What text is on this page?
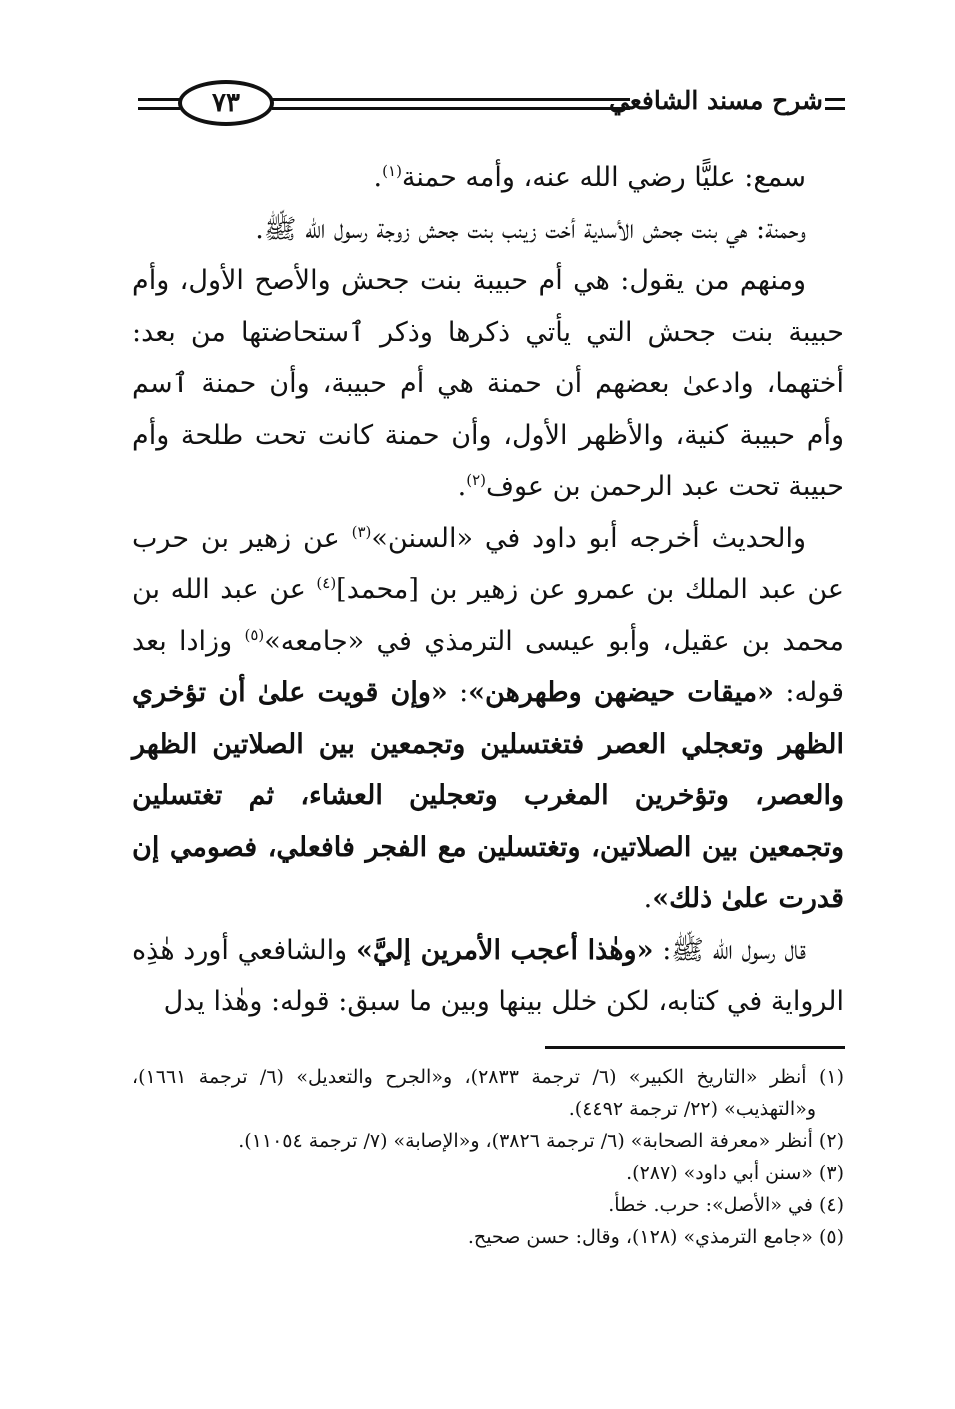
شرح مسند الشافعي
٧٣

سمع: عليًّا رضي الله عنه، وأمه حمنة$^{(١)}$.

وحمنة: هي بنت جحش الأسدية أخت زينب بنت جحش زوجة رسول الله ﷺ.

ومنهم من يقول: هي أم حبيبة بنت جحش والأصح الأول، وأم حبيبة بنت جحش التي يأتي ذكرها وذكر ٱستحاضتها من بعد: أختهما، وادعىٰ بعضهم أن حمنة هي أم حبيبة، وأن حمنة ٱسم وأم حبيبة كنية، والأظهر الأول، وأن حمنة كانت تحت طلحة وأم حبيبة تحت عبد الرحمن بن عوف$^{(٢)}$.

والحديث أخرجه أبو داود في «السنن»$^{(٣)}$ عن زهير بن حرب عن عبد الملك بن عمرو عن زهير بن [محمد]$^{(٤)}$ عن عبد الله بن محمد بن عقيل، وأبو عيسى الترمذي في «جامعه»$^{(٥)}$ وزادا بعد قوله: «ميقات حيضهن وطهرهن»: «وإن قويت علىٰ أن تؤخري الظهر وتعجلي العصر فتغتسلين وتجمعين بين الصلاتين الظهر والعصر، وتؤخرين المغرب وتعجلين العشاء، ثم تغتسلين وتجمعين بين الصلاتين، وتغتسلين مع الفجر فافعلي، فصومي إن قدرت علىٰ ذلك».

قال رسول الله ﷺ: «وهٰذا أعجب الأمرين إليَّ» والشافعي أورد هٰذِه الرواية في كتابه، لكن خلل بينها وبين ما سبق: قوله: وهٰذا يدل

(١) أنظر «التاريخ الكبير» (٦/ ترجمة ٢٨٣٣)، و«الجرح والتعديل» (٦/ ترجمة ١٦٦١)، و«التهذيب» (٢٢/ ترجمة ٤٤٩٢).

(٢) أنظر «معرفة الصحابة» (٦/ ترجمة ٣٨٢٦)، و«الإصابة» (٧/ ترجمة ١١٠٥٤).

(٣) «سنن أبي داود» (٢٨٧).

(٤) في «الأصل»: حرب. خطأ.

(٥) «جامع الترمذي» (١٢٨)، وقال: حسن صحيح.
